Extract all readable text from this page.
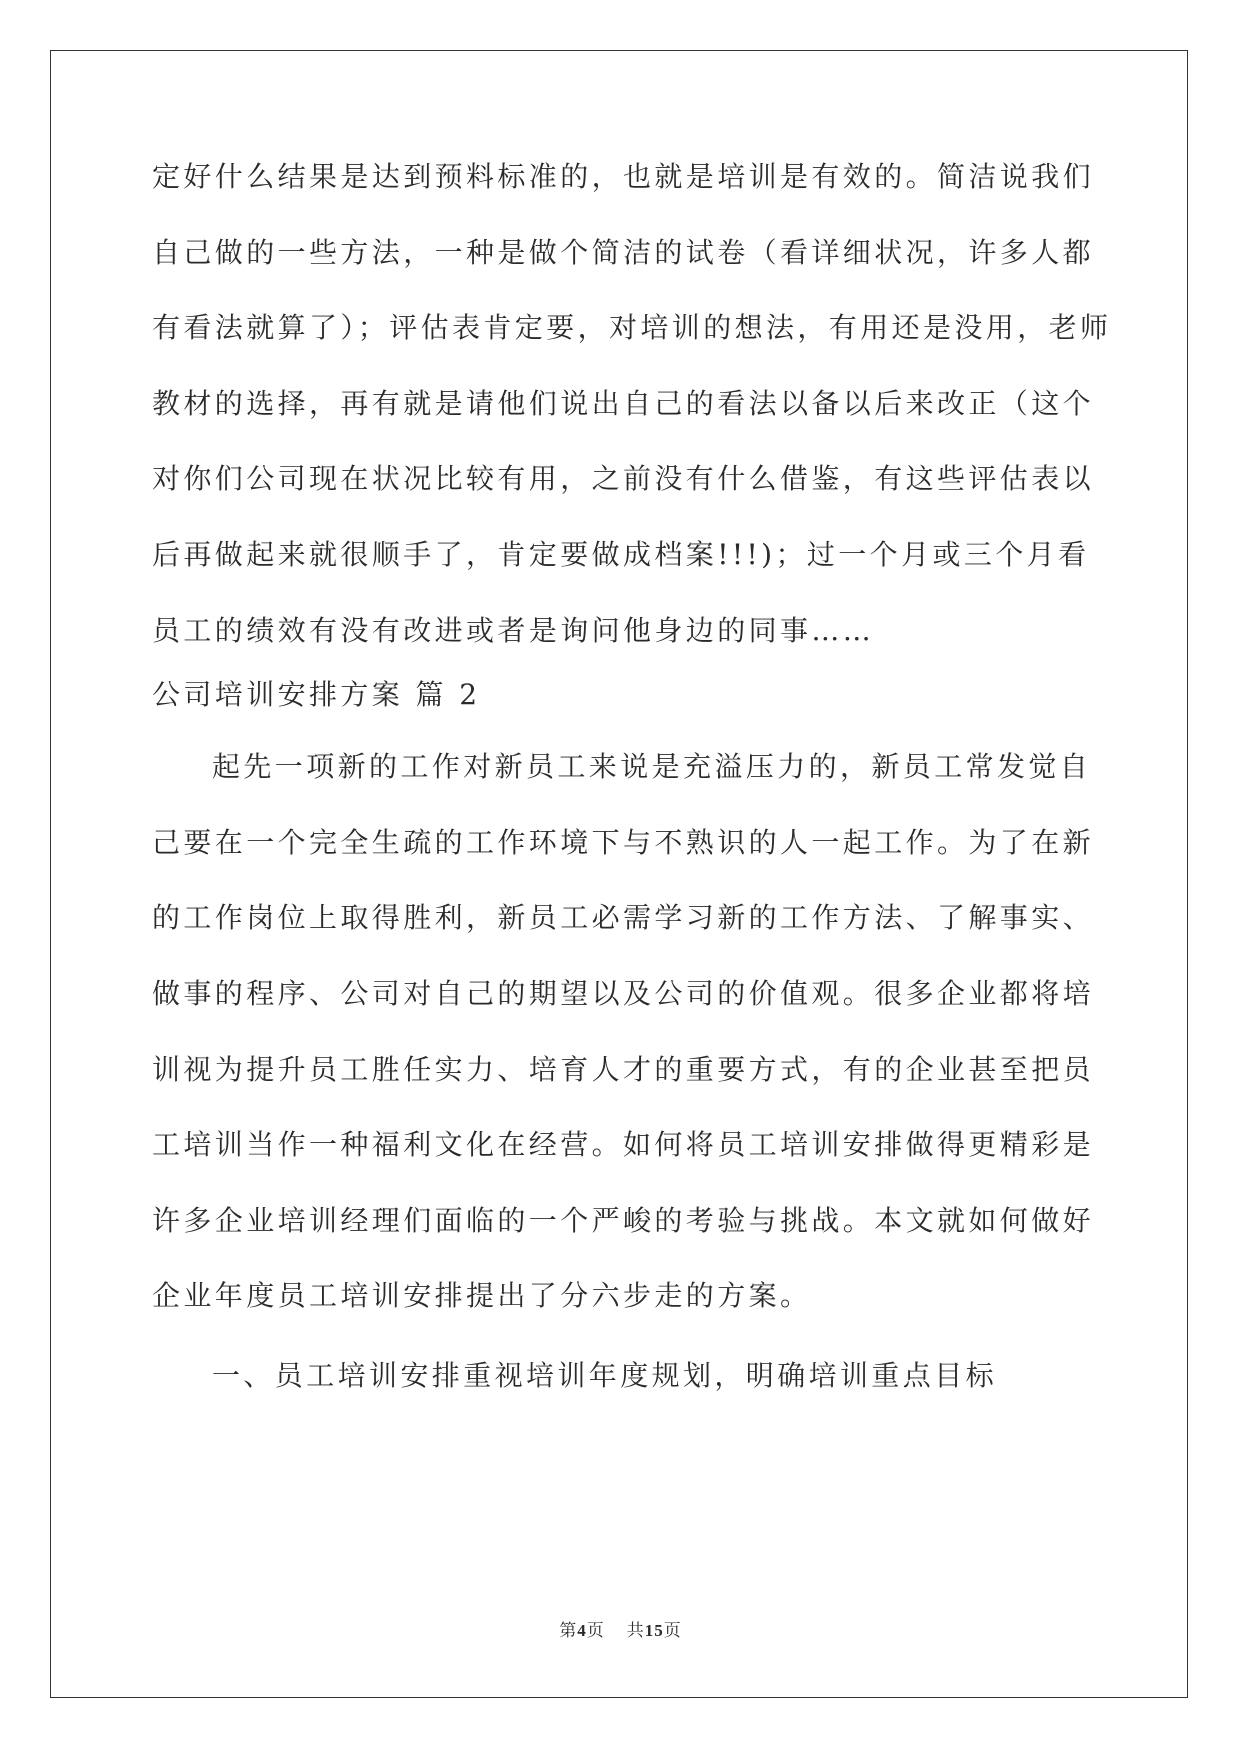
定好什么结果是达到预料标准的，也就是培训是有效的。简洁说我们
自己做的一些方法，一种是做个简洁的试卷（看详细状况，许多人都
有看法就算了）；评估表肯定要，对培训的想法，有用还是没用，老师
教材的选择，再有就是请他们说出自己的看法以备以后来改正（这个
对你们公司现在状况比较有用，之前没有什么借鉴，有这些评估表以
后再做起来就很顺手了，肯定要做成档案!!!)；过一个月或三个月看
员工的绩效有没有改进或者是询问他身边的同事……
公司培训安排方案 篇 2
起先一项新的工作对新员工来说是充溢压力的，新员工常发觉自
己要在一个完全生疏的工作环境下与不熟识的人一起工作。为了在新
的工作岗位上取得胜利，新员工必需学习新的工作方法、了解事实、
做事的程序、公司对自己的期望以及公司的价值观。很多企业都将培
训视为提升员工胜任实力、培育人才的重要方式，有的企业甚至把员
工培训当作一种福利文化在经营。如何将员工培训安排做得更精彩是
许多企业培训经理们面临的一个严峻的考验与挑战。本文就如何做好
企业年度员工培训安排提出了分六步走的方案。
一、员工培训安排重视培训年度规划，明确培训重点目标
第4页 共15页
